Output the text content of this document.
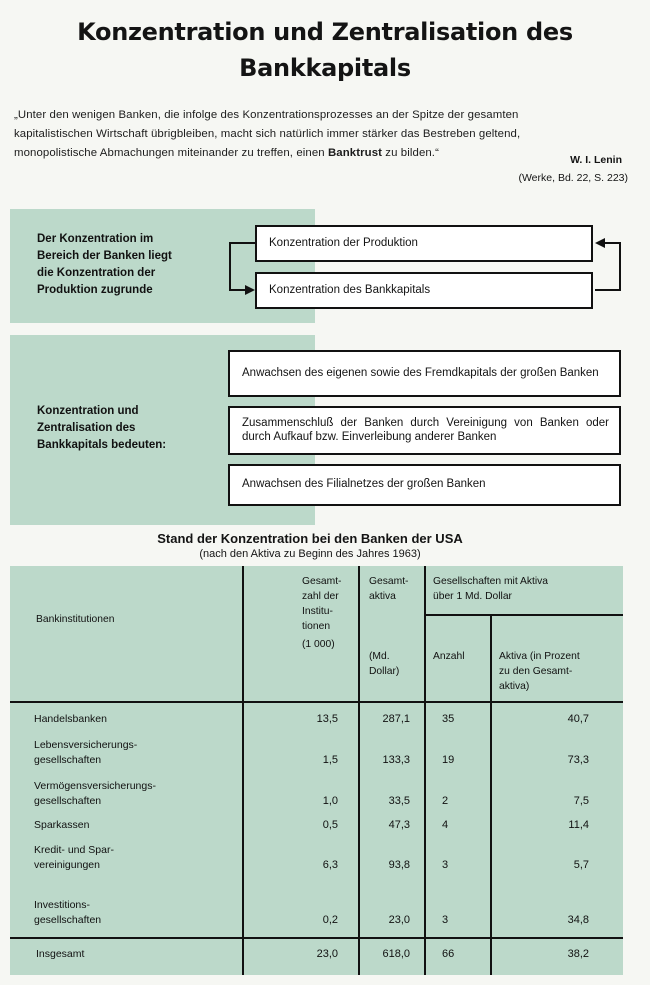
Konzentration und Zentralisation des
Bankkapitals
„Unter den wenigen Banken, die infolge des Konzentrationsprozesses an der Spitze der gesamten
kapitalistischen Wirtschaft übrigbleiben, macht sich natürlich immer stärker das Bestreben geltend,
monopolistische Abmachungen miteinander zu treffen, einen Banktrust zu bilden.“
W. I. Lenin
(Werke, Bd. 22, S. 223)
Der Konzentration im
Bereich der Banken liegt
die Konzentration der
Produktion zugrunde
Konzentration der Produktion
Konzentration des Bankkapitals
Konzentration und
Zentralisation des
Bankkapitals bedeuten:
Anwachsen des eigenen sowie des Fremdkapitals der großen Banken
Zusammenschluß der Banken durch Vereinigung von Banken oder durch Aufkauf bzw. Einverleibung anderer Banken
Anwachsen des Filialnetzes der großen Banken
Stand der Konzentration bei den Banken der USA
(nach den Aktiva zu Beginn des Jahres 1963)
Bankinstitutionen
Gesamt-
zahl der
Institu-
tionen
(1 000)
Gesamt-
aktiva
(Md.
Dollar)
Gesellschaften mit Aktiva
über 1 Md. Dollar
Anzahl	Aktiva (in Prozent
zu den Gesamt-
aktiva)
Handelsbanken	13,5	287,1	35	40,7
Lebensversicherungs-
gesellschaften	1,5	133,3	19	73,3
Vermögensversicherungs-
gesellschaften	1,0	33,5	2	7,5
Sparkassen	0,5	47,3	4	11,4
Kredit- und Spar-
vereinigungen	6,3	93,8	3	5,7
Investitions-
gesellschaften	0,2	23,0	3	34,8
Insgesamt	23,0	618,0	66	38,2
